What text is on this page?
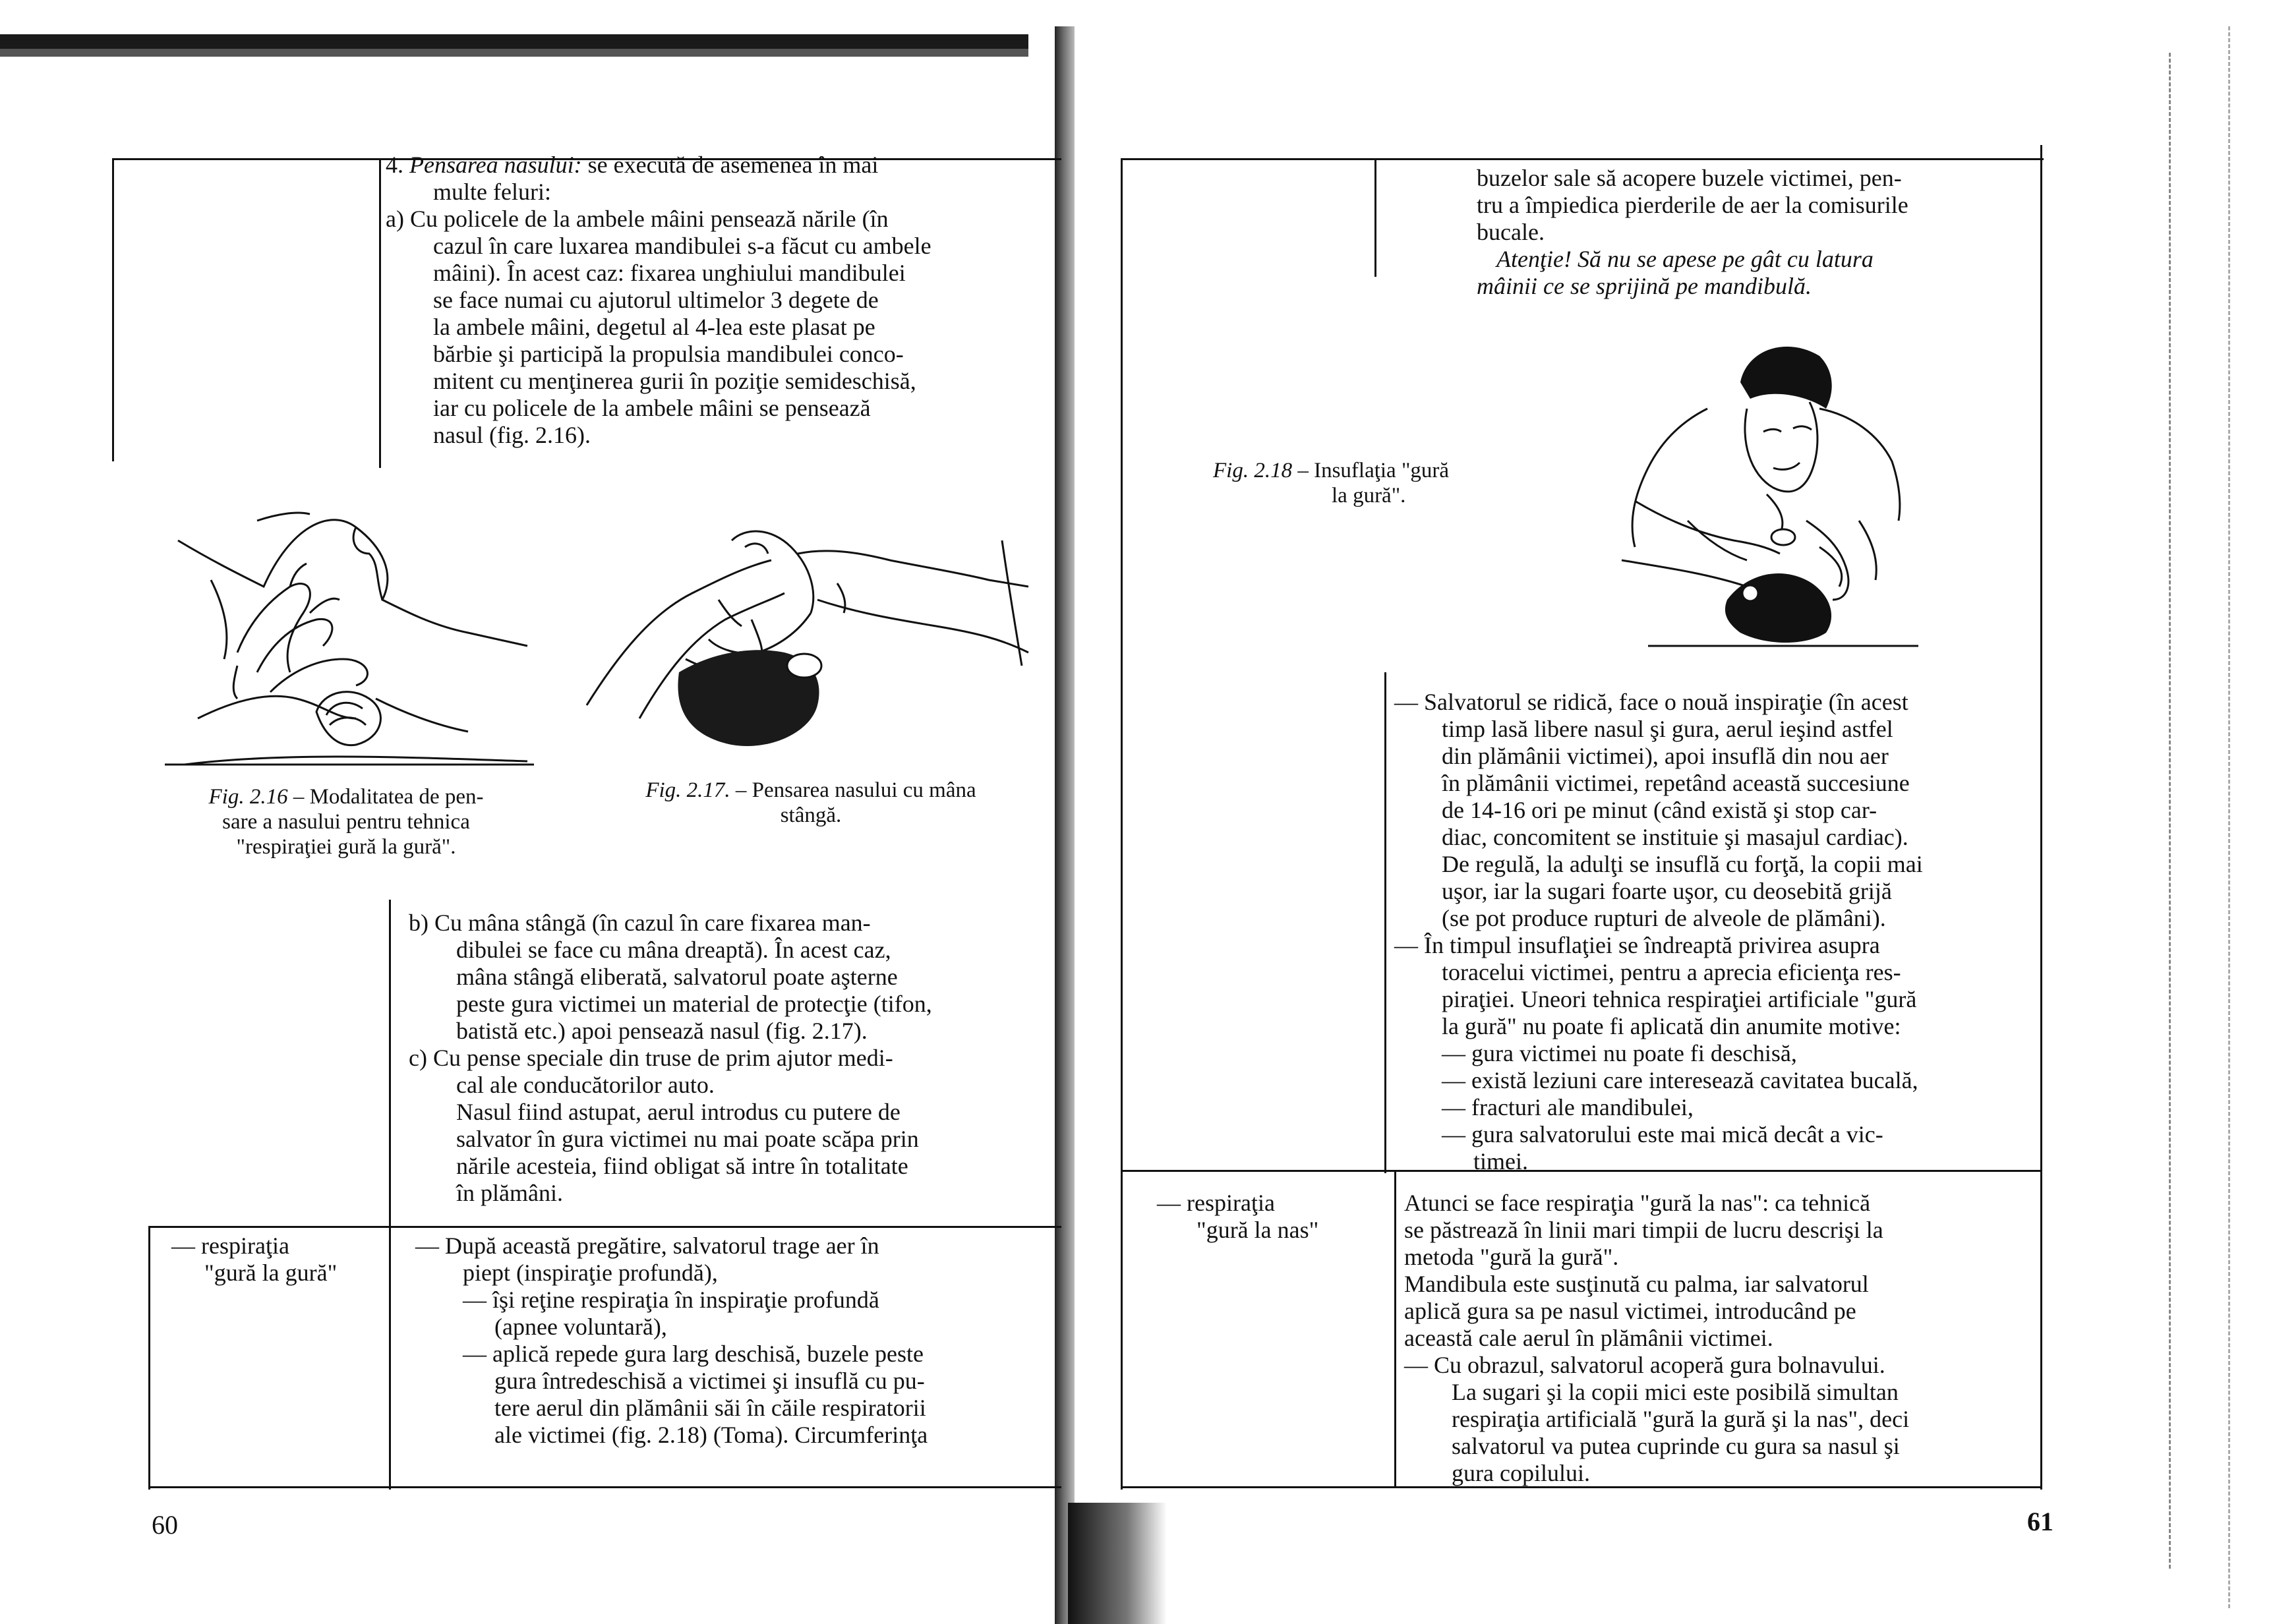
4. Pensarea nasului: se execută de asemenea în mai

multe feluri:

a) Cu policele de la ambele mâini pensează nările (în

cazul în care luxarea mandibulei s-a făcut cu ambele

mâini). În acest caz: fixarea unghiului mandibulei

se face numai cu ajutorul ultimelor 3 degete de

la ambele mâini, degetul al 4-lea este plasat pe

bărbie şi participă la propulsia mandibulei conco-

mitent cu menţinerea gurii în poziţie semideschisă,

iar cu policele de la ambele mâini se pensează

nasul (fig. 2.16).

Fig. 2.16 – Modalitatea de pen-
sare a nasului pentru tehnica
"respiraţiei gură la gură".
Fig. 2.17. – Pensarea nasului cu mâna
stângă.

b) Cu mâna stângă (în cazul în care fixarea man-

dibulei se face cu mâna dreaptă). În acest caz,

mâna stângă eliberată, salvatorul poate aşterne

peste gura victimei un material de protecţie (tifon,

batistă etc.) apoi pensează nasul (fig. 2.17).

c) Cu pense speciale din truse de prim ajutor medi-

cal ale conducătorilor auto.

Nasul fiind astupat, aerul introdus cu putere de

salvator în gura victimei nu mai poate scăpa prin

nările acesteia, fiind obligat să intre în totalitate

în plămâni.

— respiraţia

"gură la gură"

— După această pregătire, salvatorul trage aer în

piept (inspiraţie profundă),

— îşi reţine respiraţia în inspiraţie profundă

(apnee voluntară),

— aplică repede gura larg deschisă, buzele peste

gura întredeschisă a victimei şi insuflă cu pu-

tere aerul din plămânii săi în căile respiratorii

ale victimei (fig. 2.18) (Toma). Circumferinţa

60

buzelor sale să acopere buzele victimei, pen-

tru a împiedica pierderile de aer la comisurile

bucale.

Atenţie! Să nu se apese pe gât cu latura

mâinii ce se sprijină pe mandibulă.

Fig. 2.18 – Insuflaţia "gură
la gură".

— Salvatorul se ridică, face o nouă inspiraţie (în acest

timp lasă libere nasul şi gura, aerul ieşind astfel

din plămânii victimei), apoi insuflă din nou aer

în plămânii victimei, repetând această succesiune

de 14-16 ori pe minut (când există şi stop car-

diac, concomitent se instituie şi masajul cardiac).

De regulă, la adulţi se insuflă cu forţă, la copii mai

uşor, iar la sugari foarte uşor, cu deosebită grijă

(se pot produce rupturi de alveole de plămâni).

— În timpul insuflaţiei se îndreaptă privirea asupra

toracelui victimei, pentru a aprecia eficienţa res-

piraţiei. Uneori tehnica respiraţiei artificiale "gură

la gură" nu poate fi aplicată din anumite motive:

— gura victimei nu poate fi deschisă,

— există leziuni care interesează cavitatea bucală,

— fracturi ale mandibulei,

— gura salvatorului este mai mică decât a vic-

timei.

— respiraţia

"gură la nas"

Atunci se face respiraţia "gură la nas": ca tehnică

se păstrează în linii mari timpii de lucru descrişi la

metoda "gură la gură".

Mandibula este susţinută cu palma, iar salvatorul

aplică gura sa pe nasul victimei, introducând pe

această cale aerul în plămânii victimei.

— Cu obrazul, salvatorul acoperă gura bolnavului.

La sugari şi la copii mici este posibilă simultan

respiraţia artificială "gură la gură şi la nas", deci

salvatorul va putea cuprinde cu gura sa nasul şi

gura copilului.

61
